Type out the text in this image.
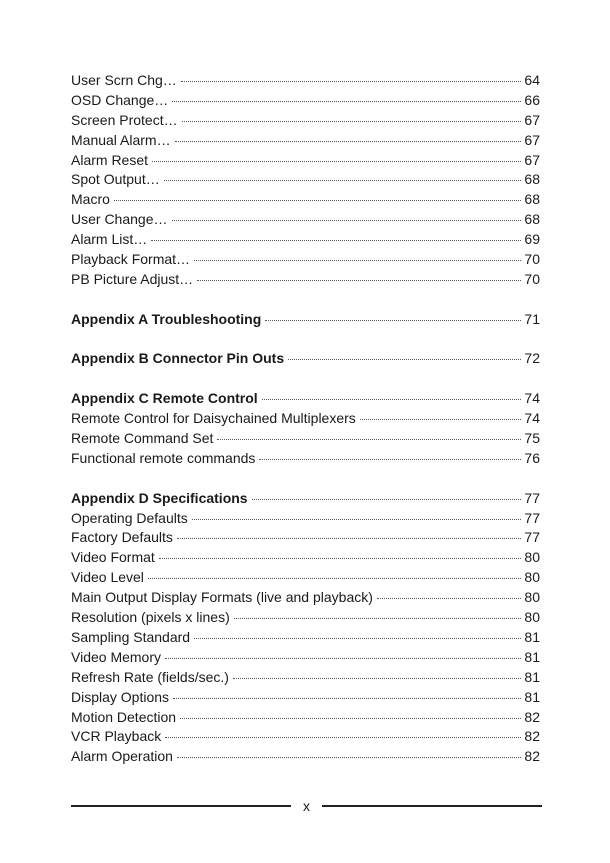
User Scrn Chg…	64
OSD Change…	66
Screen Protect…	67
Manual Alarm…	67
Alarm Reset	67
Spot Output…	68
Macro	68
User Change…	68
Alarm List…	69
Playback Format…	70
PB Picture Adjust…	70
Appendix A Troubleshooting	71
Appendix B Connector Pin Outs	72
Appendix C Remote Control	74
Remote Control for Daisychained Multiplexers	74
Remote Command Set	75
Functional remote commands	76
Appendix D Specifications	77
Operating Defaults	77
Factory Defaults	77
Video Format	80
Video Level	80
Main Output Display Formats (live and playback)	80
Resolution (pixels x lines)	80
Sampling Standard	81
Video Memory	81
Refresh Rate (fields/sec.)	81
Display Options	81
Motion Detection	82
VCR Playback	82
Alarm Operation	82
x
